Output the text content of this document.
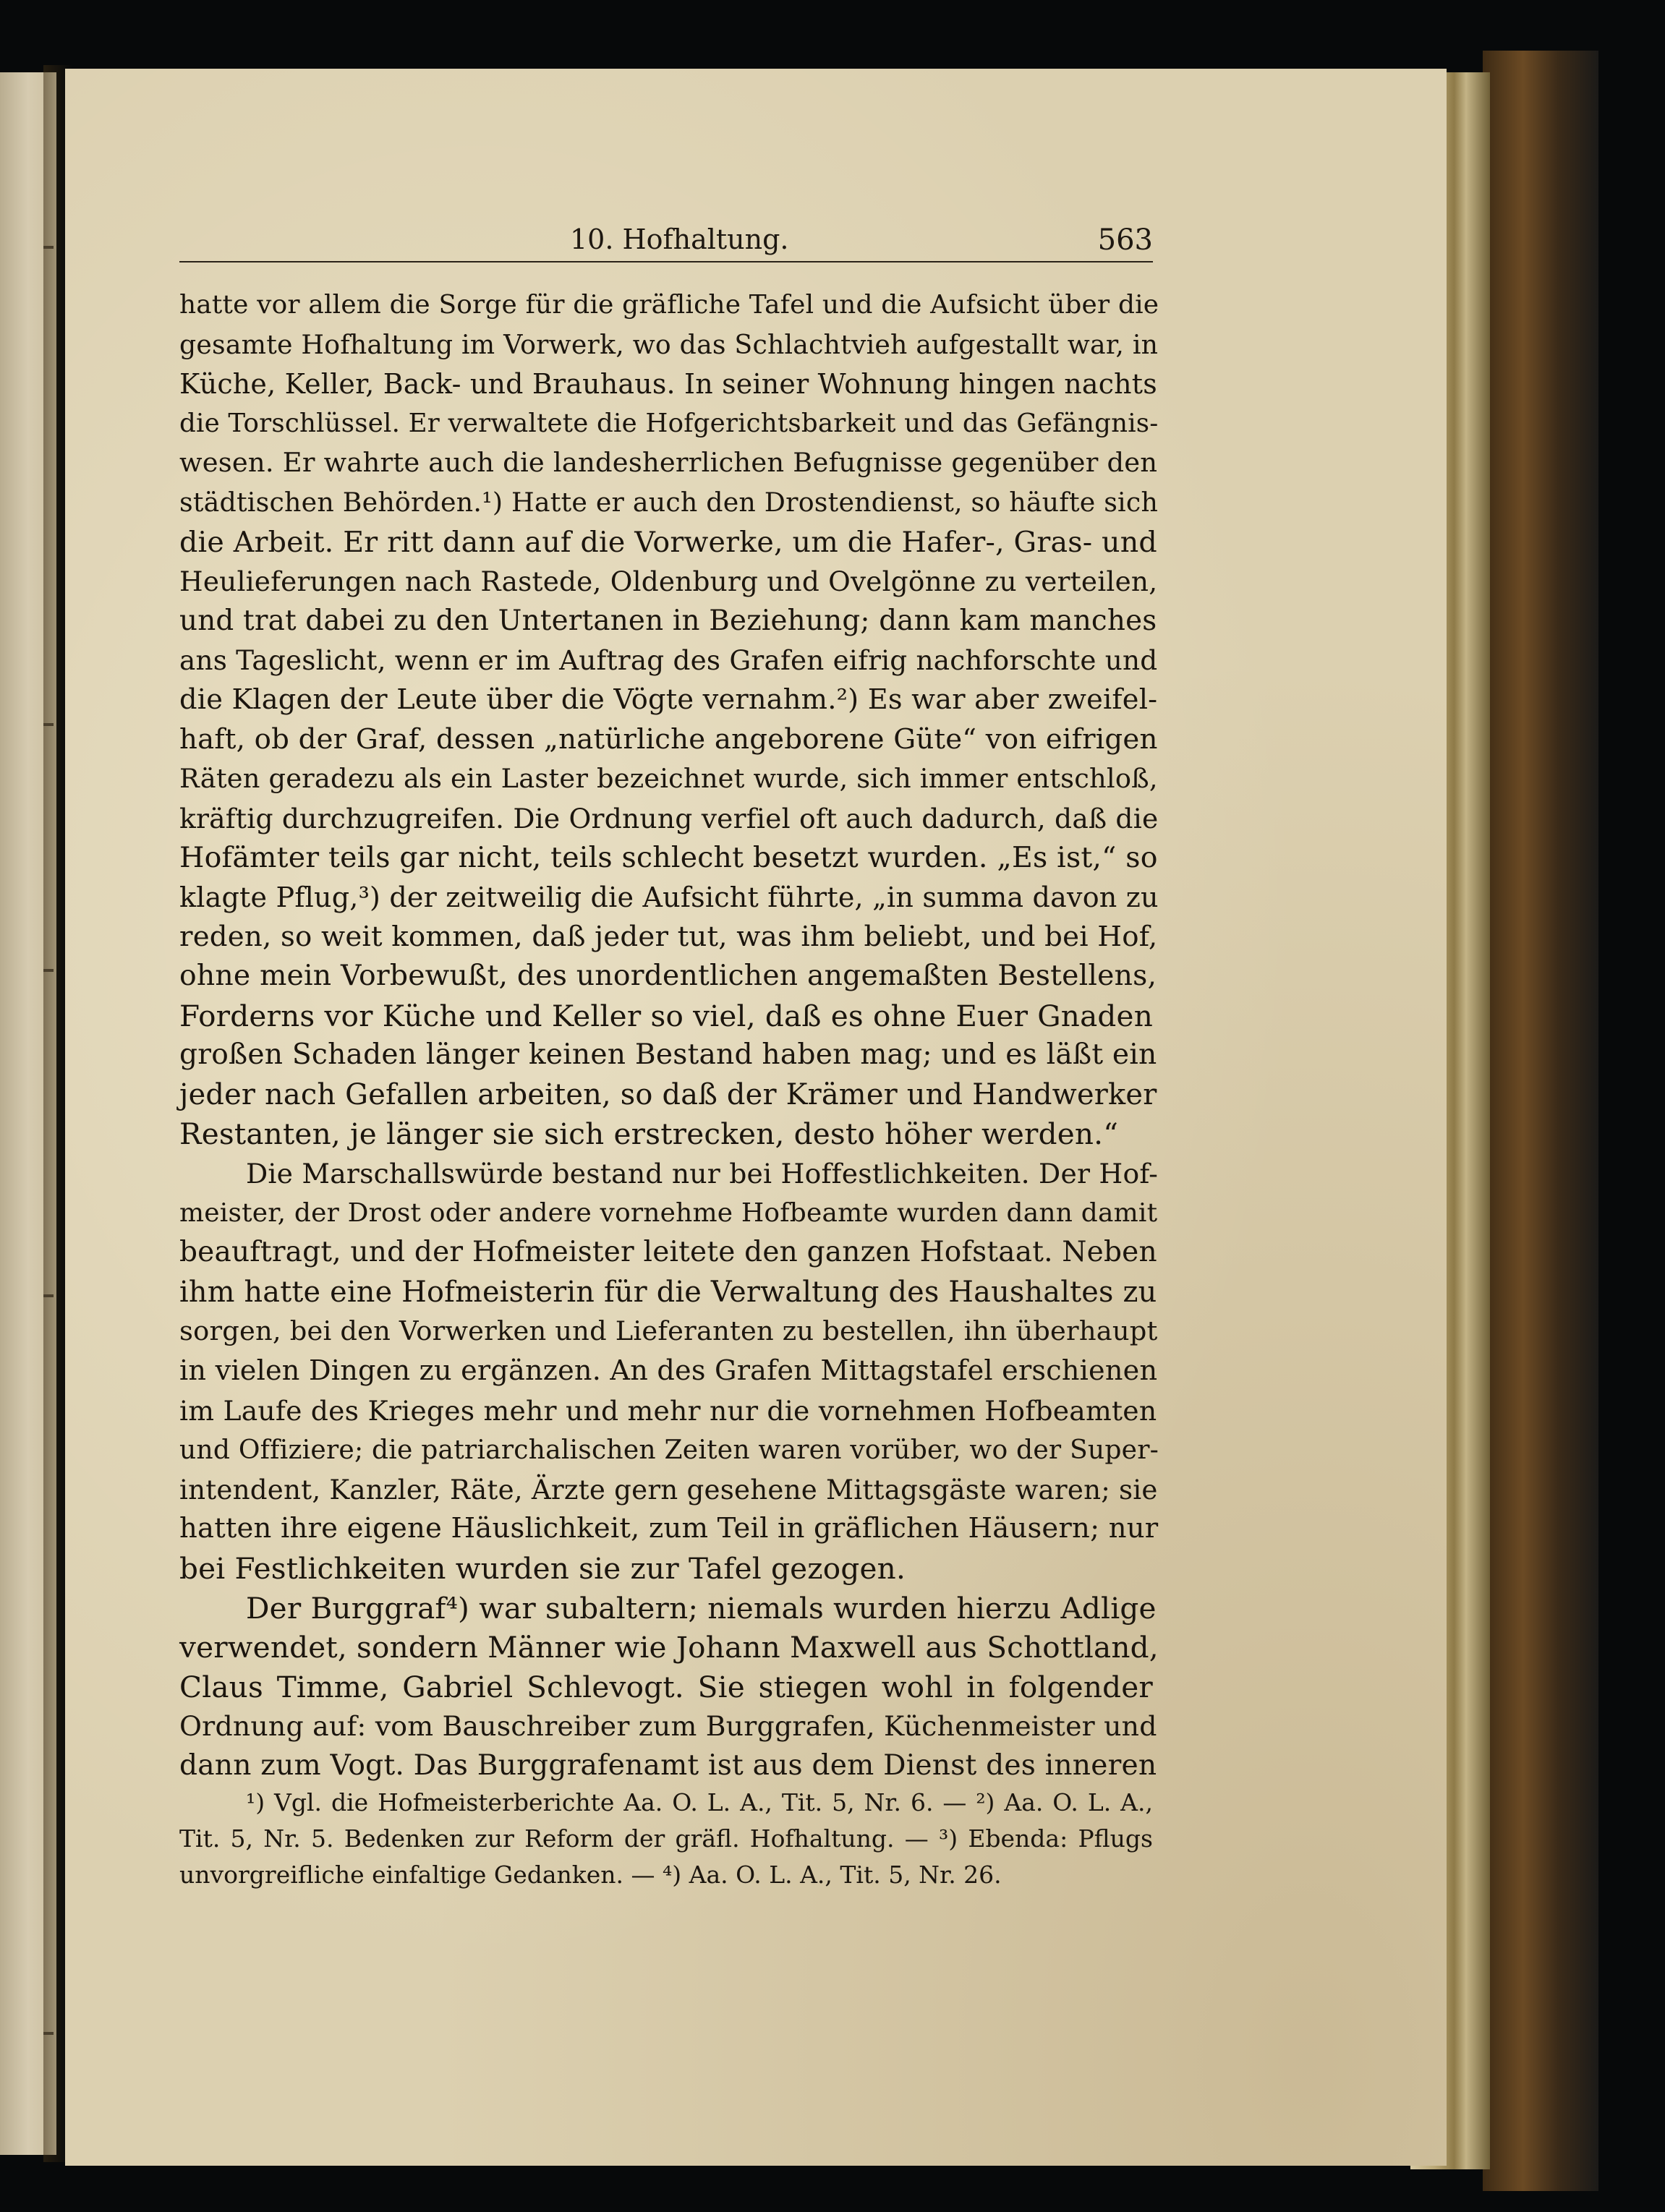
10. Hofhaltung.	563
hatte vor allem die Sorge für die gräfliche Tafel und die Aufsicht über die
gesamte Hofhaltung im Vorwerk, wo das Schlachtvieh aufgestallt war, in
Küche, Keller, Back- und Brauhaus. In seiner Wohnung hingen nachts
die Torschlüssel. Er verwaltete die Hofgerichtsbarkeit und das Gefängnis-
wesen. Er wahrte auch die landesherrlichen Befugnisse gegenüber den
städtischen Behörden.¹) Hatte er auch den Drostendienst, so häufte sich
die Arbeit. Er ritt dann auf die Vorwerke, um die Hafer-, Gras- und
Heulieferungen nach Rastede, Oldenburg und Ovelgönne zu verteilen,
und trat dabei zu den Untertanen in Beziehung; dann kam manches
ans Tageslicht, wenn er im Auftrag des Grafen eifrig nachforschte und
die Klagen der Leute über die Vögte vernahm.²) Es war aber zweifel-
haft, ob der Graf, dessen „natürliche angeborene Güte“ von eifrigen
Räten geradezu als ein Laster bezeichnet wurde, sich immer entschloß,
kräftig durchzugreifen. Die Ordnung verfiel oft auch dadurch, daß die
Hofämter teils gar nicht, teils schlecht besetzt wurden. „Es ist,“ so
klagte Pflug,³) der zeitweilig die Aufsicht führte, „in summa davon zu
reden, so weit kommen, daß jeder tut, was ihm beliebt, und bei Hof,
ohne mein Vorbewußt, des unordentlichen angemaßten Bestellens,
Forderns vor Küche und Keller so viel, daß es ohne Euer Gnaden
großen Schaden länger keinen Bestand haben mag; und es läßt ein
jeder nach Gefallen arbeiten, so daß der Krämer und Handwerker
Restanten, je länger sie sich erstrecken, desto höher werden.“
Die Marschallswürde bestand nur bei Hoffestlichkeiten. Der Hof-
meister, der Drost oder andere vornehme Hofbeamte wurden dann damit
beauftragt, und der Hofmeister leitete den ganzen Hofstaat. Neben
ihm hatte eine Hofmeisterin für die Verwaltung des Haushaltes zu
sorgen, bei den Vorwerken und Lieferanten zu bestellen, ihn überhaupt
in vielen Dingen zu ergänzen. An des Grafen Mittagstafel erschienen
im Laufe des Krieges mehr und mehr nur die vornehmen Hofbeamten
und Offiziere; die patriarchalischen Zeiten waren vorüber, wo der Super-
intendent, Kanzler, Räte, Ärzte gern gesehene Mittagsgäste waren; sie
hatten ihre eigene Häuslichkeit, zum Teil in gräflichen Häusern; nur
bei Festlichkeiten wurden sie zur Tafel gezogen.
Der Burggraf⁴) war subaltern; niemals wurden hierzu Adlige
verwendet, sondern Männer wie Johann Maxwell aus Schottland,
Claus Timme, Gabriel Schlevogt. Sie stiegen wohl in folgender
Ordnung auf: vom Bauschreiber zum Burggrafen, Küchenmeister und
dann zum Vogt. Das Burggrafenamt ist aus dem Dienst des inneren
¹) Vgl. die Hofmeisterberichte Aa. O. L. A., Tit. 5, Nr. 6. — ²) Aa. O. L. A.,
Tit. 5, Nr. 5. Bedenken zur Reform der gräfl. Hofhaltung. — ³) Ebenda: Pflugs
unvorgreifliche einfaltige Gedanken. — ⁴) Aa. O. L. A., Tit. 5, Nr. 26.
